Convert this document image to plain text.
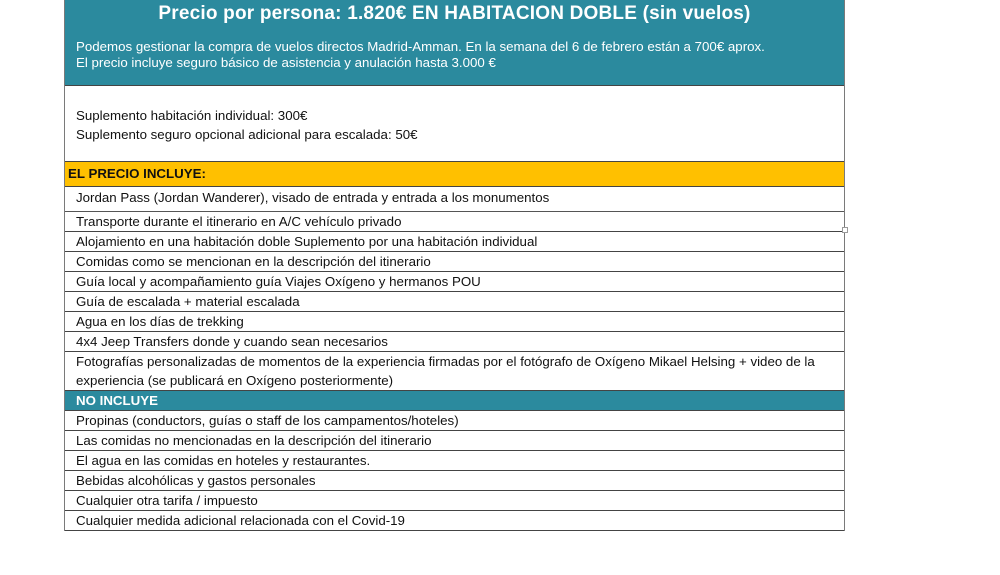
Precio por persona: 1.820€ EN HABITACION DOBLE (sin vuelos)
Podemos gestionar la compra de vuelos directos Madrid-Amman. En la semana del 6 de febrero están a 700€ aprox.
El precio incluye seguro básico de asistencia y anulación hasta 3.000 €
Suplemento habitación individual: 300€
Suplemento seguro opcional adicional para escalada: 50€
EL PRECIO INCLUYE:
Jordan Pass (Jordan Wanderer), visado de entrada y entrada a los monumentos
Transporte durante el itinerario en A/C vehículo privado
Alojamiento en una habitación doble Suplemento por una habitación individual
Comidas como se mencionan en la descripción del itinerario
Guía local y acompañamiento guía Viajes Oxígeno y hermanos POU
Guía de escalada + material escalada
Agua en los días de trekking
4x4 Jeep Transfers donde y cuando sean necesarios
Fotografías personalizadas de momentos de la experiencia firmadas por el fotógrafo de Oxígeno Mikael Helsing + video de la experiencia (se publicará en Oxígeno posteriormente)
NO INCLUYE
Propinas (conductors, guías o staff de los campamentos/hoteles)
Las comidas no mencionadas en la descripción del itinerario
El agua en las comidas en hoteles y restaurantes.
Bebidas alcohólicas y gastos personales
Cualquier otra tarifa / impuesto
Cualquier medida adicional relacionada con el Covid-19
